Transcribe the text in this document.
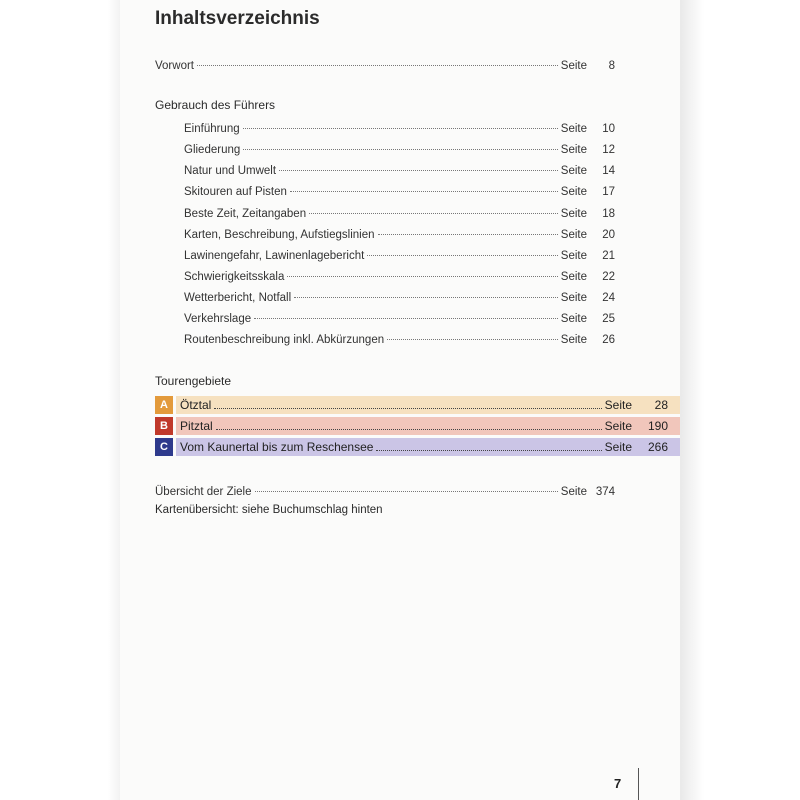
Inhaltsverzeichnis
Vorwort	Seite	8
Gebrauch des Führers
Einführung	Seite	10
Gliederung	Seite	12
Natur und Umwelt	Seite	14
Skitouren auf Pisten	Seite	17
Beste Zeit, Zeitangaben	Seite	18
Karten, Beschreibung, Aufstiegslinien	Seite	20
Lawinengefahr, Lawinenlagebericht	Seite	21
Schwierigkeitsskala	Seite	22
Wetterbericht, Notfall	Seite	24
Verkehrslage	Seite	25
Routenbeschreibung inkl. Abkürzungen	Seite	26
Tourengebiete
A	Ötztal	Seite	28
B	Pitztal	Seite	190
C	Vom Kaunertal bis zum Reschensee	Seite	266
Übersicht der Ziele	Seite 374
Kartenübersicht: siehe Buchumschlag hinten
7
